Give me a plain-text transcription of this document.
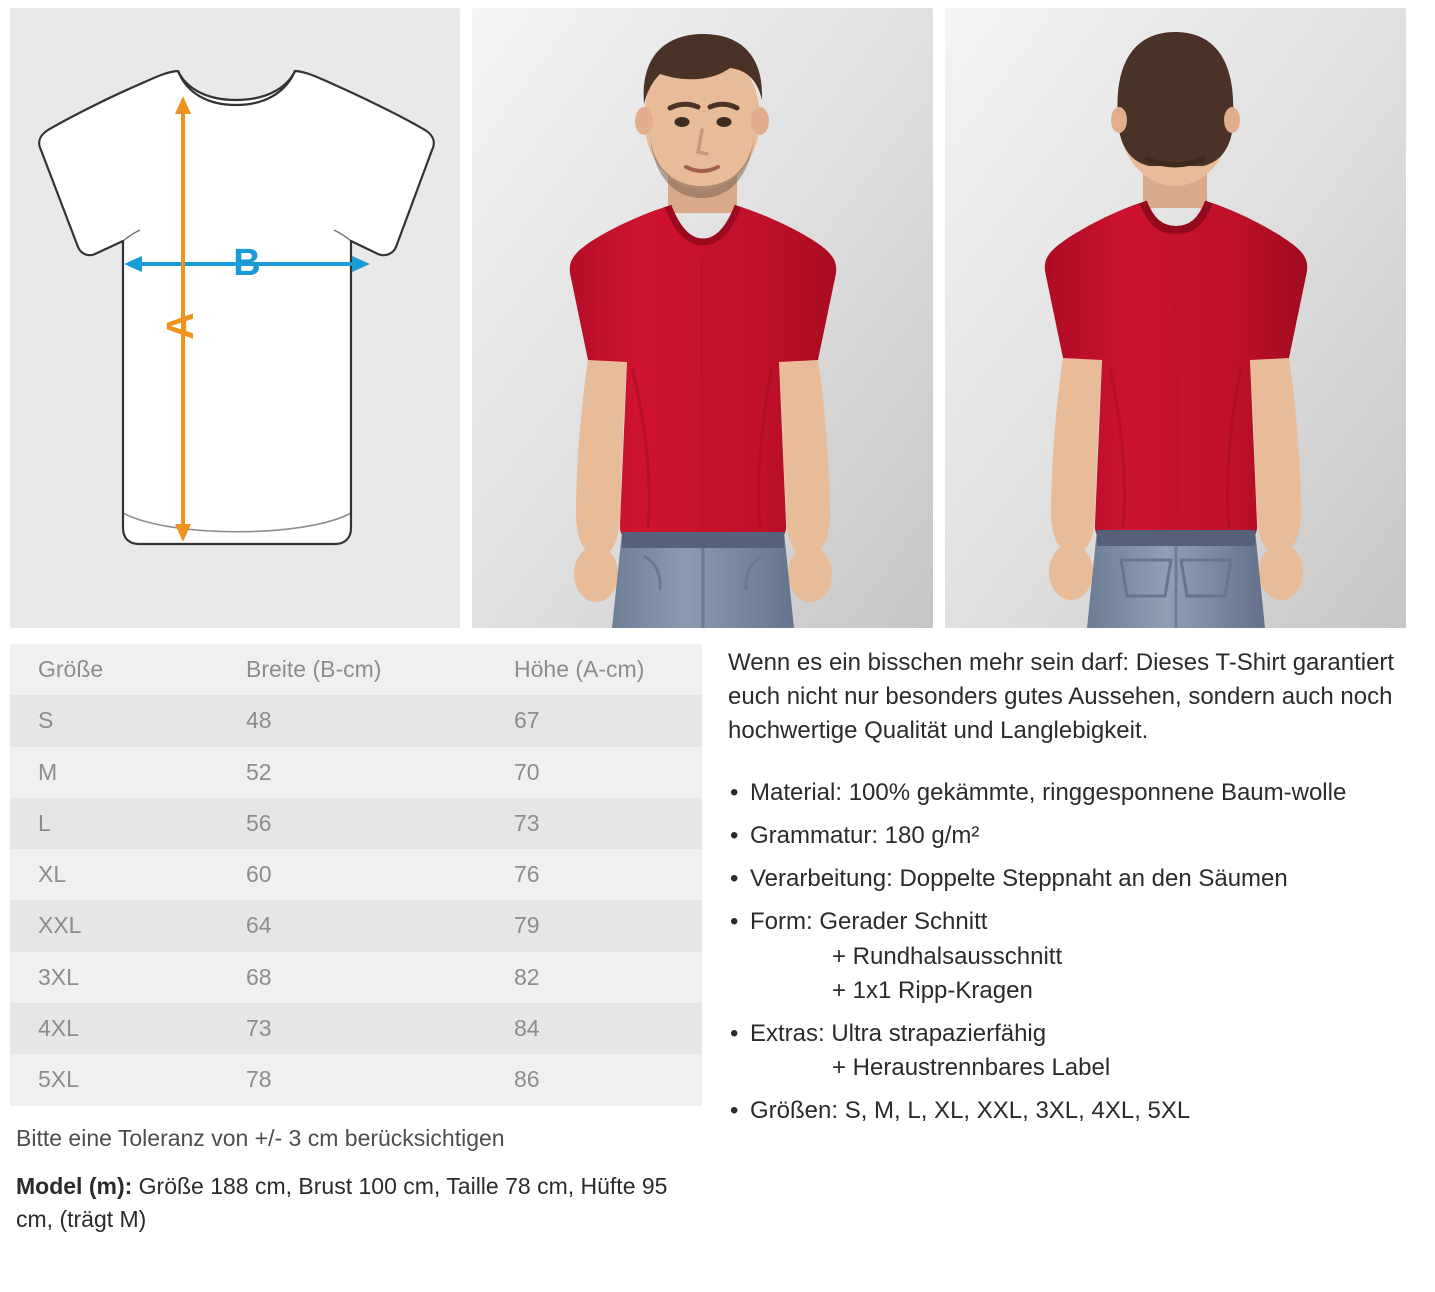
B
A
Größe	Breite (B-cm)	Höhe (A-cm)
S	48	67
M	52	70
L	56	73
XL	60	76
XXL	64	79
3XL	68	82
4XL	73	84
5XL	78	86
Bitte eine Toleranz von +/- 3 cm berücksichtigen
Model (m): Größe 188 cm, Brust 100 cm, Taille 78 cm, Hüfte 95 cm, (trägt M)

Wenn es ein bisschen mehr sein darf: Dieses T-Shirt garantiert euch nicht nur besonders gutes Aussehen, sondern auch noch hochwertige Qualität und Langlebigkeit.

• Material: 100% gekämmte, ringgesponnene Baum-wolle
• Grammatur: 180 g/m²
• Verarbeitung: Doppelte Steppnaht an den Säumen
• Form: Gerader Schnitt
+ Rundhalsausschnitt
+ 1x1 Ripp-Kragen
• Extras: Ultra strapazierfähig
+ Heraustrennbares Label
• Größen: S, M, L, XL, XXL, 3XL, 4XL, 5XL
